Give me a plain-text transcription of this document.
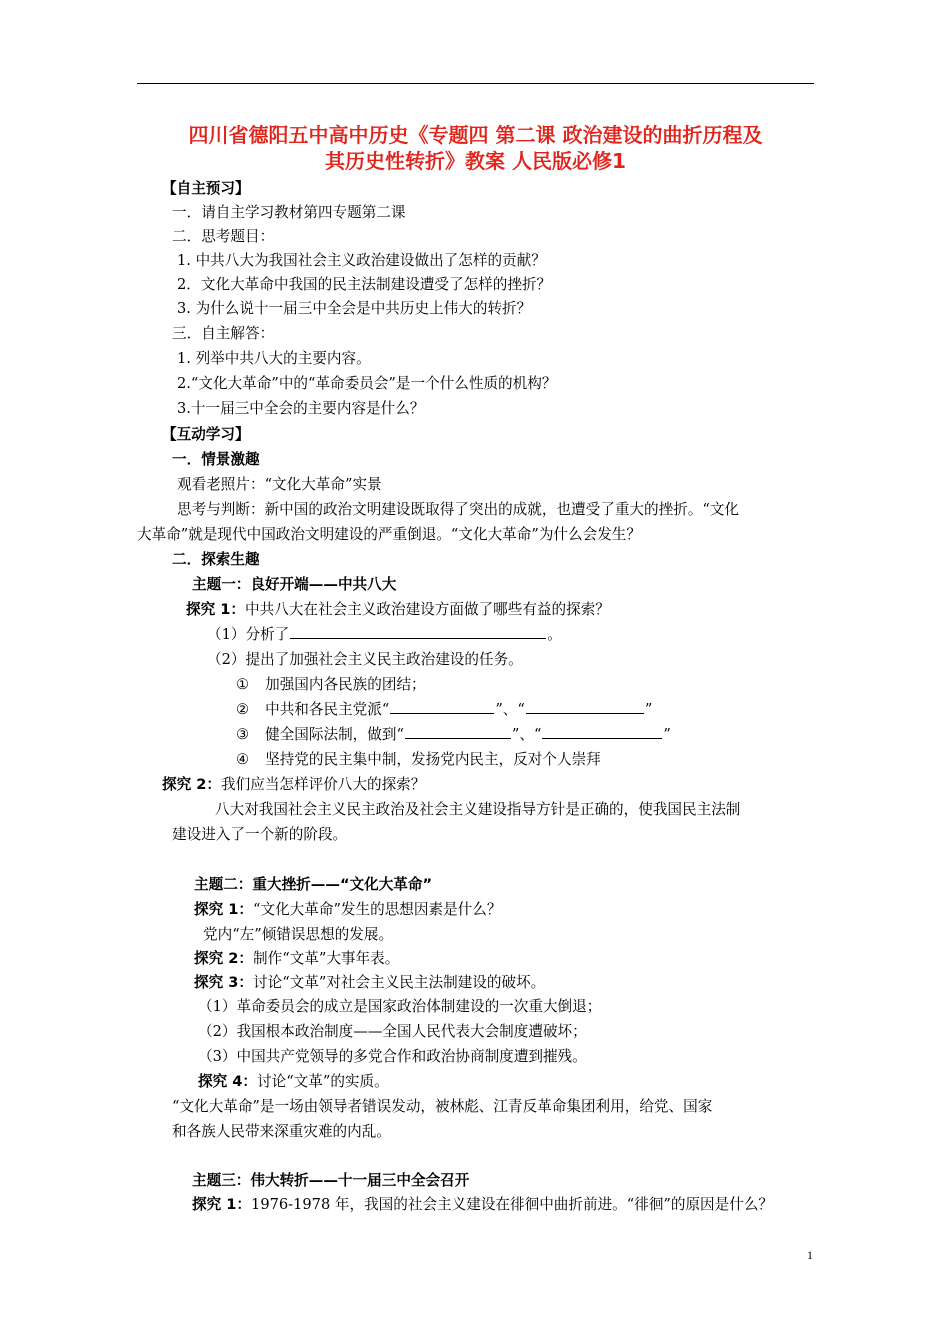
四川省德阳五中高中历史《专题四 第二课 政治建设的曲折历程及
其历史性转折》教案 人民版必修1
【自主预习】
一．请自主学习教材第四专题第二课
二．思考题目：
1. 中共八大为我国社会主义政治建设做出了怎样的贡献？
2．文化大革命中我国的民主法制建设遭受了怎样的挫折？
3. 为什么说十一届三中全会是中共历史上伟大的转折？
三．自主解答：
1. 列举中共八大的主要内容。
2.“文化大革命”中的“革命委员会”是一个什么性质的机构？
3.十一届三中全会的主要内容是什么？
【互动学习】
一．情景激趣
观看老照片：“文化大革命”实景
思考与判断：新中国的政治文明建设既取得了突出的成就，也遭受了重大的挫折。“文化
大革命”就是现代中国政治文明建设的严重倒退。“文化大革命”为什么会发生？
二．探索生趣
主题一：良好开端——中共八大
探究 1：中共八大在社会主义政治建设方面做了哪些有益的探索？
（1）分析了	。
（2）提出了加强社会主义民主政治建设的任务。
① 加强国内各民族的团结；
② 中共和各民主党派“	”、“	”
③ 健全国际法制，做到“	”、“	”
④ 坚持党的民主集中制，发扬党内民主，反对个人崇拜
探究 2：我们应当怎样评价八大的探索？
八大对我国社会主义民主政治及社会主义建设指导方针是正确的，使我国民主法制
建设进入了一个新的阶段。
主题二：重大挫折——“文化大革命”
探究 1：“文化大革命”发生的思想因素是什么？
党内“左”倾错误思想的发展。
探究 2：制作“文革”大事年表。
探究 3：讨论“文革”对社会主义民主法制建设的破坏。
（1）革命委员会的成立是国家政治体制建设的一次重大倒退；
（2）我国根本政治制度——全国人民代表大会制度遭破坏；
（3）中国共产党领导的多党合作和政治协商制度遭到摧残。
探究 4：讨论“文革”的实质。
“文化大革命”是一场由领导者错误发动，被林彪、江青反革命集团利用，给党、国家
和各族人民带来深重灾难的内乱。
主题三：伟大转折——十一届三中全会召开
探究 1：1976-1978 年，我国的社会主义建设在徘徊中曲折前进。“徘徊”的原因是什么？
1
